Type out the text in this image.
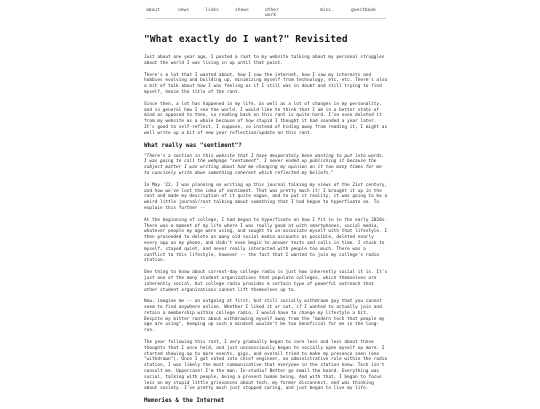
about	news	links	shows	other work
misc.	guestbook
"What exactly do I want?" Revisited

Just about one year ago, I posted a rant to my website talking about my personal struggles about the world I was living in up until that point.

There's a lot that I wanted about, how I saw the internet, how I saw my interests and hobbies evolving and building up, minimizing myself from technology, etc, etc. There's also a bit of talk about how I was feeling as if I still was in doubt and still trying to find myself, hence the title of the rant.

Since then, a lot has happened in my life, as well as a lot of changes in my personality, and in general how I see the world. I would like to think that I am in a better state of mind as opposed to then, so reading back on this rant is quite hard. I've even deleted it from my website as a whole because of how stupid I thought it had sounded a year later. It's good to self-reflect, I suppose, so instead of hiding away from reading it, I might as well write up a bit of new year reflection/update on this rant.

What really was "sentiment"?

"There's a section in this website that I have desperately been wanting to put into words. I was going to call the webpage "sentiment". I never ended up publishing it because the subject matter I was writing about had me changing my opinion on it too many times for me to concisely write down something coherent which reflected my beliefs."

In May '22, I was planning on writing up this journal talking my views of the 21st century, and how we've lost the idea of sentiment. That was pretty much it! I brought it up in the rant and made my description of it quite vague, and to put it reality, it was going to be a weird little journal/rant talking about something that I had begun to hyperfixate on. To explain this further --

At the beginning of college, I had begun to hyperfixate on how I fit in in the early 2020s. There was a moment of my life where I was really good at with smartphones, social media, whatever people my age were using, and sought to un-associate myself with that lifestyle. I then proceeded to delete as many old social media accounts as possible, deleted nearly every app on my phone, and didn't even begin to answer texts and calls in time. I stuck to myself, stayed quiet, and never really interacted with people too much. There was a conflict to this lifestyle, however -- the fact that I wanted to join my college's radio station.

One thing to know about current-day college radio is just how inherently social it is. It's just one of the many student organizations that populate colleges, which themselves are inherently social, but college radio provides a certain type of powerful outreach that other student organizations cannot lift themselves up to.

Now, imagine me -- an outgoing at first, but still socially withdrawn guy that you cannot seem to find anywhere online. Whether I liked it or not, if I wanted to actually join and retain a membership within college radio, I would have to change my lifestyle a bit. Despite my bitter rants about withdrawing myself away from the "modern tech that people my age are using", keeping up such a mindset wouldn't be too beneficial for me in the long-run.

The year following this rant, I very gradually began to care less and less about these thoughts that I once held, and just unconsciously began to socially open myself up more. I started showing up to more events, gigs, and overall tried to make my presence seen (one "withdrawn"). Once I got voted into chief engineer, an administrative role within the radio station, I was likely the most communicative that everyone in the station knew. Tech isn't consult me. Uppercase! I'm the man. In-studio? Better go email the board. Everything was social, talking with people, being a present human being. And with that, I began to focus less on my stupid little grievances about tech, my former disconnect, and was thinking about society. I've pretty much just stopped caring, and just began to live my life.

Memories & the Internet
